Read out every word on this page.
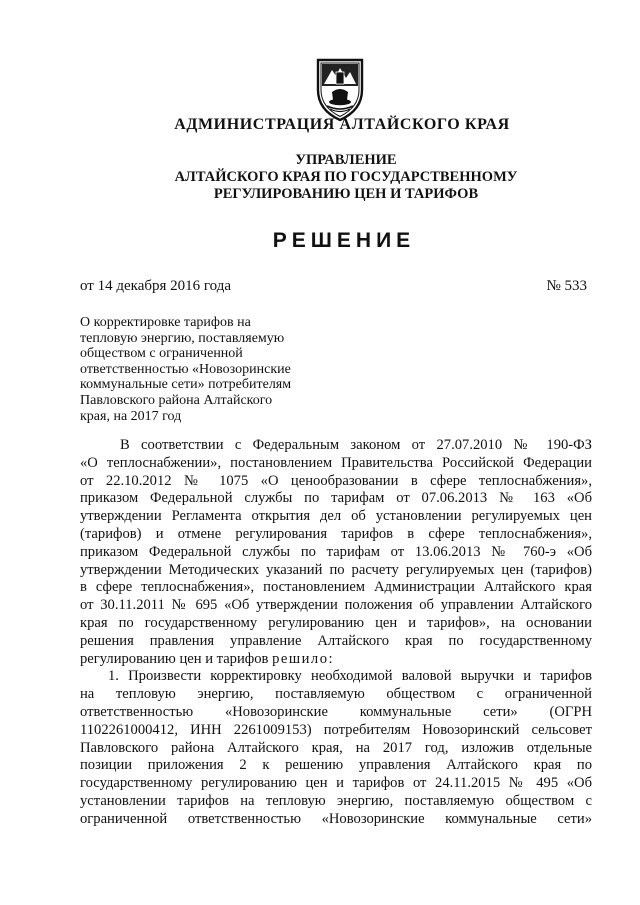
АДМИНИСТРАЦИЯ АЛТАЙСКОГО КРАЯ
УПРАВЛЕНИЕ
АЛТАЙСКОГО КРАЯ ПО ГОСУДАРСТВЕННОМУ
РЕГУЛИРОВАНИЮ ЦЕН И ТАРИФОВ
РЕШЕНИЕ
от 14 декабря 2016 года	№ 533
О корректировке тарифов на
тепловую энергию, поставляемую
обществом с ограниченной
ответственностью «Новозоринские
коммунальные сети» потребителям
Павловского района Алтайского
края, на 2017 год
В соответствии с Федеральным законом от 27.07.2010 № 190-ФЗ
«О теплоснабжении», постановлением Правительства Российской Федерации
от 22.10.2012 № 1075 «О ценообразовании в сфере теплоснабжения»,
приказом Федеральной службы по тарифам от 07.06.2013 № 163 «Об
утверждении Регламента открытия дел об установлении регулируемых цен
(тарифов) и отмене регулирования тарифов в сфере теплоснабжения»,
приказом Федеральной службы по тарифам от 13.06.2013 № 760-э «Об
утверждении Методических указаний по расчету регулируемых цен (тарифов)
в сфере теплоснабжения», постановлением Администрации Алтайского края
от 30.11.2011 № 695 «Об утверждении положения об управлении Алтайского
края по государственному регулированию цен и тарифов», на основании
решения правления управление Алтайского края по государственному
регулированию цен и тарифов решило:
1. Произвести корректировку необходимой валовой выручки и тарифов
на тепловую энергию, поставляемую обществом с ограниченной
ответственностью «Новозоринские коммунальные сети» (ОГРН
1102261000412, ИНН 2261009153) потребителям Новозоринский сельсовет
Павловского района Алтайского края, на 2017 год, изложив отдельные
позиции приложения 2 к решению управления Алтайского края по
государственному регулированию цен и тарифов от 24.11.2015 № 495 «Об
установлении тарифов на тепловую энергию, поставляемую обществом с
ограниченной ответственностью «Новозоринские коммунальные сети»
